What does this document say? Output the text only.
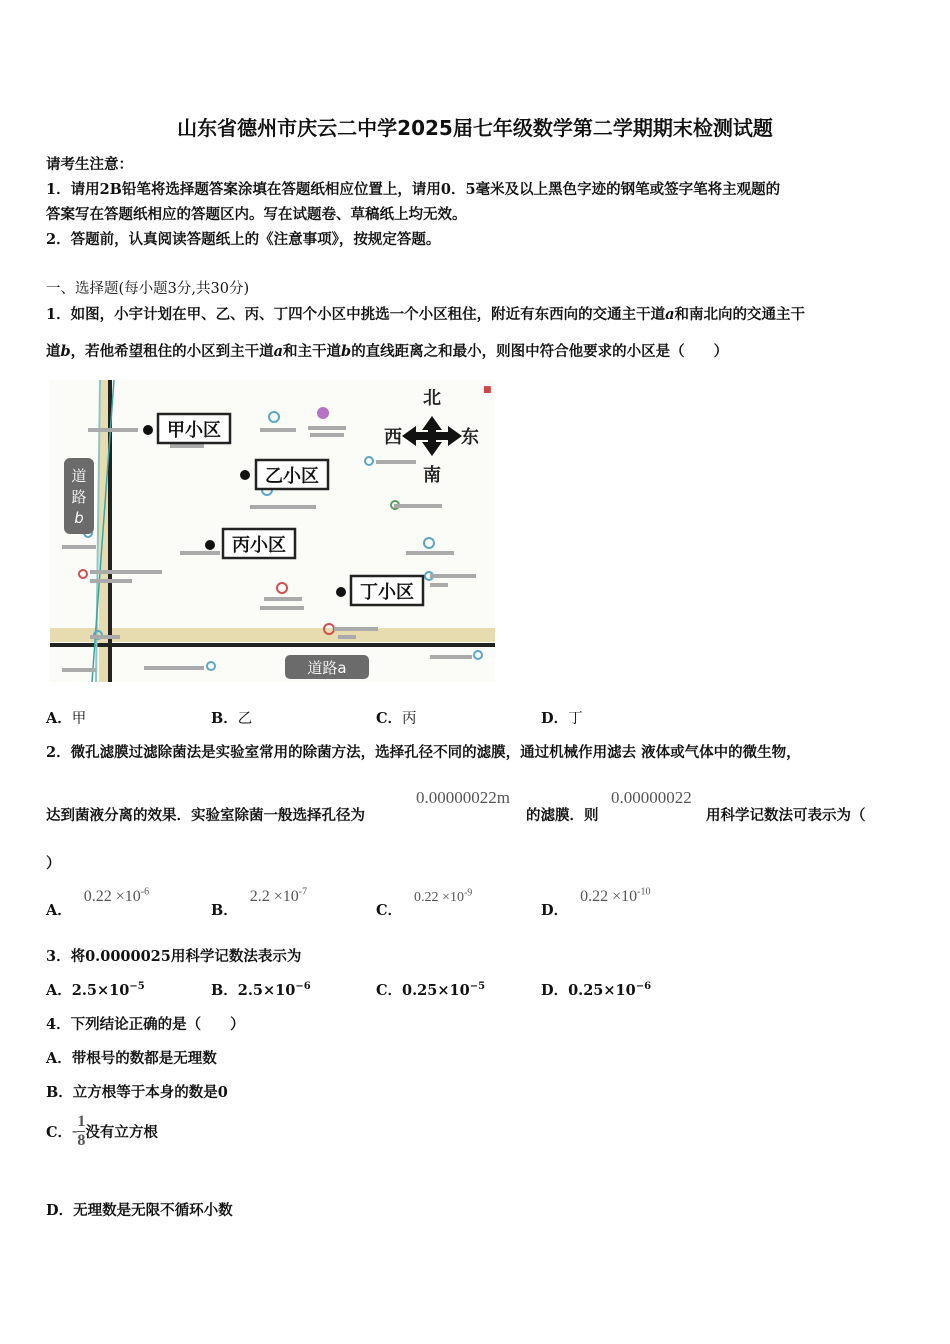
山东省德州市庆云二中学2025届七年级数学第二学期期末检测试题
请考生注意：
1．请用2B铅笔将选择题答案涂填在答题纸相应位置上，请用0．5毫米及以上黑色字迹的钢笔或签字笔将主观题的
答案写在答题纸相应的答题区内。写在试题卷、草稿纸上均无效。
2．答题前，认真阅读答题纸上的《注意事项》，按规定答题。
一、选择题(每小题3分,共30分)
1．如图，小宇计划在甲、乙、丙、丁四个小区中挑选一个小区租住，附近有东西向的交通主干道a和南北向的交通主干
道b，若他希望租住的小区到主干道a和主干道b的直线距离之和最小，则图中符合他要求的小区是（　　）
■
北
南
西	东
甲小区
乙小区
丙小区
丁小区
道
路
b
道路a
A．甲	B．乙	C．丙	D．丁
2．微孔滤膜过滤除菌法是实验室常用的除菌方法，选择孔径不同的滤膜，通过机械作用滤去 液体或气体中的微生物，
达到菌液分离的效果．实验室除菌一般选择孔径为
0.00000022m
的滤膜．则
0.00000022
用科学记数法可表示为（
）
A．$0.22 \times 10^{-6}$
B．$2.2 \times 10^{-7}$
C．$0.22 \times 10^{-9}$
D．$0.22 \times 10^{-10}$
3．将0.0000025用科学记数法表示为
A．$2.5\times 10^{-5}$	B．$2.5\times 10^{-6}$	C．$0.25\times 10^{-5}$	D．$0.25\times 10^{-6}$
4．下列结论正确的是（　　）
A．带根号的数都是无理数
B．立方根等于本身的数是0
C．- $\frac{1}{8}$ 没有立方根
D．无理数是无限不循环小数
